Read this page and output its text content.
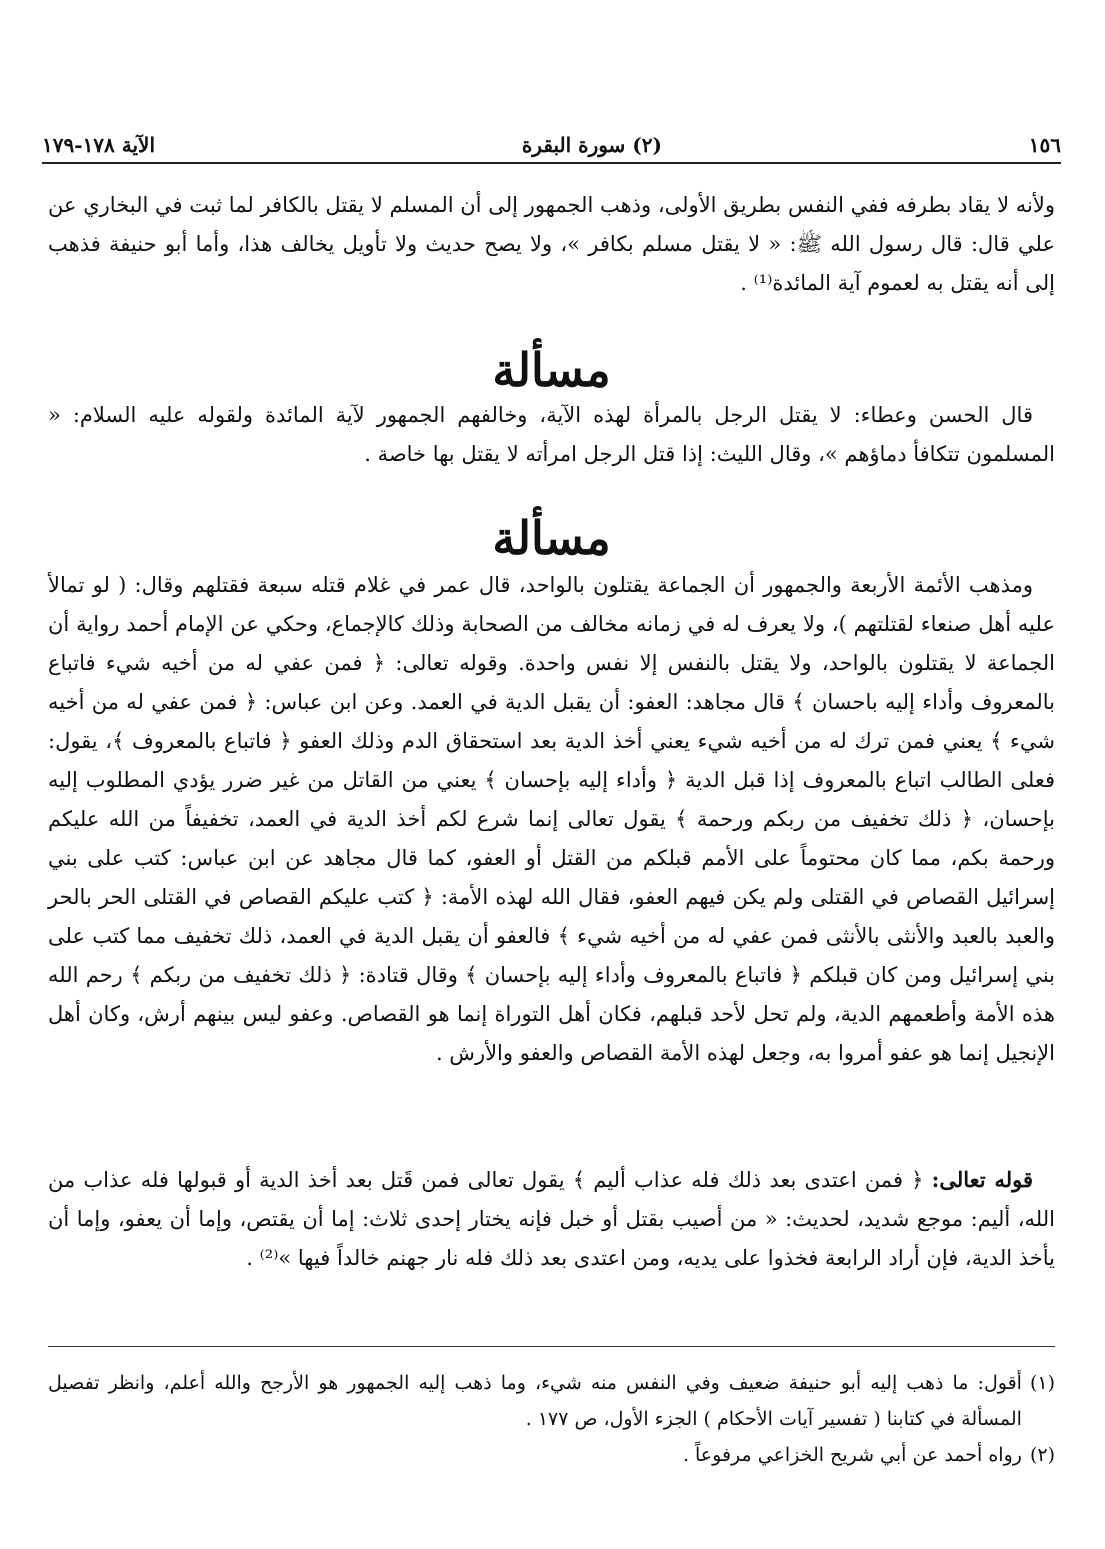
١٥٦
(٢) سورة البقرة
الآية ١٧٨-١٧٩

ولأنه لا يقاد بطرفه ففي النفس بطريق الأولى، وذهب الجمهور إلى أن المسلم لا يقتل بالكافر لما ثبت في البخاري عن علي قال: قال رسول الله ﷺ: « لا يقتل مسلم بكافر »، ولا يصح حديث ولا تأويل يخالف هذا، وأما أبو حنيفة فذهب إلى أنه يقتل به لعموم آية المائدة⁽¹⁾ .

مسألة

قال الحسن وعطاء: لا يقتل الرجل بالمرأة لهذه الآية، وخالفهم الجمهور لآية المائدة ولقوله عليه السلام: « المسلمون تتكافأ دماؤهم »، وقال الليث: إذا قتل الرجل امرأته لا يقتل بها خاصة .

مسألة

ومذهب الأئمة الأربعة والجمهور أن الجماعة يقتلون بالواحد، قال عمر في غلام قتله سبعة فقتلهم وقال: ( لو تمالأ عليه أهل صنعاء لقتلتهم )، ولا يعرف له في زمانه مخالف من الصحابة وذلك كالإجماع، وحكي عن الإمام أحمد رواية أن الجماعة لا يقتلون بالواحد، ولا يقتل بالنفس إلا نفس واحدة. وقوله تعالى: ﴿ فمن عفي له من أخيه شيء فاتباع بالمعروف وأداء إليه باحسان ﴾ قال مجاهد: العفو: أن يقبل الدية في العمد. وعن ابن عباس: ﴿ فمن عفي له من أخيه شيء ﴾ يعني فمن ترك له من أخيه شيء يعني أخذ الدية بعد استحقاق الدم وذلك العفو ﴿ فاتباع بالمعروف ﴾، يقول: فعلى الطالب اتباع بالمعروف إذا قبل الدية ﴿ وأداء إليه بإحسان ﴾ يعني من القاتل من غير ضرر يؤدي المطلوب إليه بإحسان، ﴿ ذلك تخفيف من ربكم ورحمة ﴾ يقول تعالى إنما شرع لكم أخذ الدية في العمد، تخفيفاً من الله عليكم ورحمة بكم، مما كان محتوماً على الأمم قبلكم من القتل أو العفو، كما قال مجاهد عن ابن عباس: كتب على بني إسرائيل القصاص في القتلى ولم يكن فيهم العفو، فقال الله لهذه الأمة: ﴿ كتب عليكم القصاص في القتلى الحر بالحر والعبد بالعبد والأنثى بالأنثى فمن عفي له من أخيه شيء ﴾ فالعفو أن يقبل الدية في العمد، ذلك تخفيف مما كتب على بني إسرائيل ومن كان قبلكم ﴿ فاتباع بالمعروف وأداء إليه بإحسان ﴾ وقال قتادة: ﴿ ذلك تخفيف من ربكم ﴾ رحم الله هذه الأمة وأطعمهم الدية، ولم تحل لأحد قبلهم، فكان أهل التوراة إنما هو القصاص. وعفو ليس بينهم أرش، وكان أهل الإنجيل إنما هو عفو أمروا به، وجعل لهذه الأمة القصاص والعفو والأرش .

قوله تعالى: ﴿ فمن اعتدى بعد ذلك فله عذاب أليم ﴾ يقول تعالى فمن قَتل بعد أخذ الدية أو قبولها فله عذاب من الله، أليم: موجع شديد، لحديث: « من أصيب بقتل أو خبل فإنه يختار إحدى ثلاث: إما أن يقتص، وإما أن يعفو، وإما أن يأخذ الدية، فإن أراد الرابعة فخذوا على يديه، ومن اعتدى بعد ذلك فله نار جهنم خالداً فيها »⁽²⁾ .

(١)
أقول: ما ذهب إليه أبو حنيفة ضعيف وفي النفس منه شيء، وما ذهب إليه الجمهور هو الأرجح والله أعلم، وانظر تفصيل المسألة في كتابنا ( تفسير آيات الأحكام ) الجزء الأول، ص ١٧٧ .
(٢)
رواه أحمد عن أبي شريح الخزاعي مرفوعاً .
